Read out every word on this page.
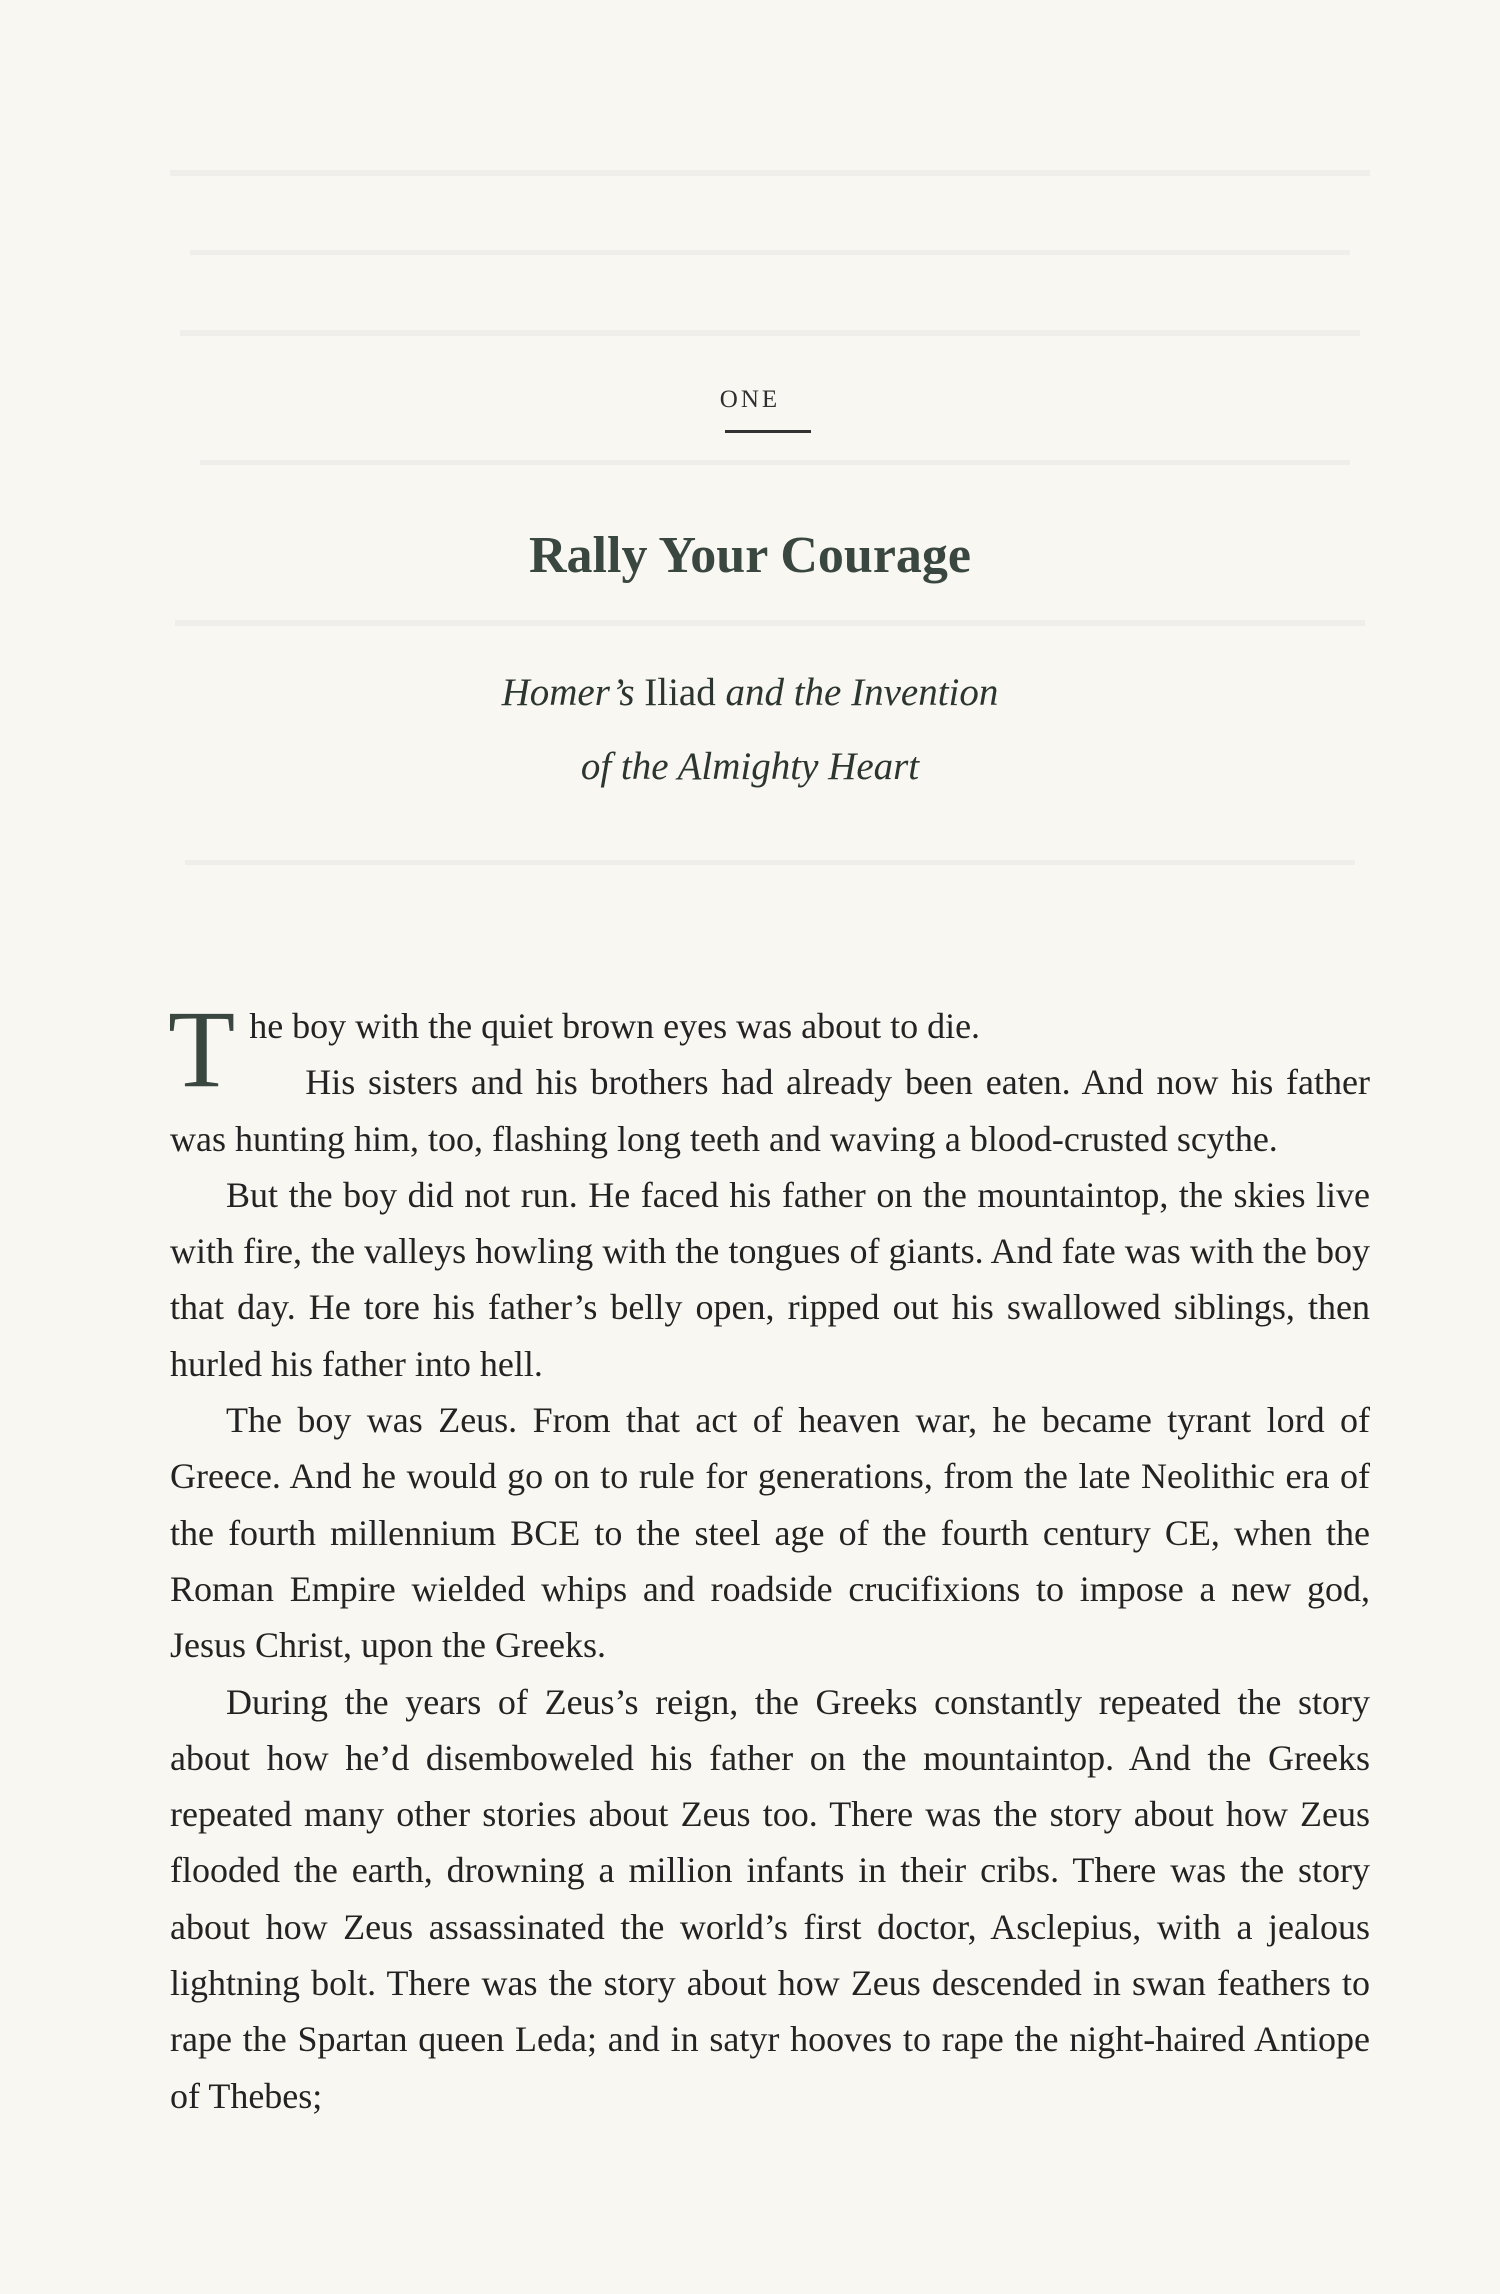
ONE
Rally Your Courage
Homer’s Iliad and the Invention
of the Almighty Heart

The boy with the quiet brown eyes was about to die.

His sisters and his brothers had already been eaten. And now his father was hunting him, too, flashing long teeth and waving a blood-crusted scythe.

But the boy did not run. He faced his father on the mountaintop, the skies live with fire, the valleys howling with the tongues of giants. And fate was with the boy that day. He tore his father’s belly open, ripped out his swallowed siblings, then hurled his father into hell.

The boy was Zeus. From that act of heaven war, he became tyrant lord of Greece. And he would go on to rule for generations, from the late Neolithic era of the fourth millennium BCE to the steel age of the fourth century CE, when the Roman Empire wielded whips and roadside crucifixions to impose a new god, Jesus Christ, upon the Greeks.

During the years of Zeus’s reign, the Greeks constantly repeated the story about how he’d disemboweled his father on the mountaintop. And the Greeks repeated many other stories about Zeus too. There was the story about how Zeus flooded the earth, drowning a million infants in their cribs. There was the story about how Zeus assassinated the world’s first doctor, Asclepius, with a jealous lightning bolt. There was the story about how Zeus descended in swan feathers to rape the Spartan queen Leda; and in satyr hooves to rape the night-haired Antiope of Thebes;
